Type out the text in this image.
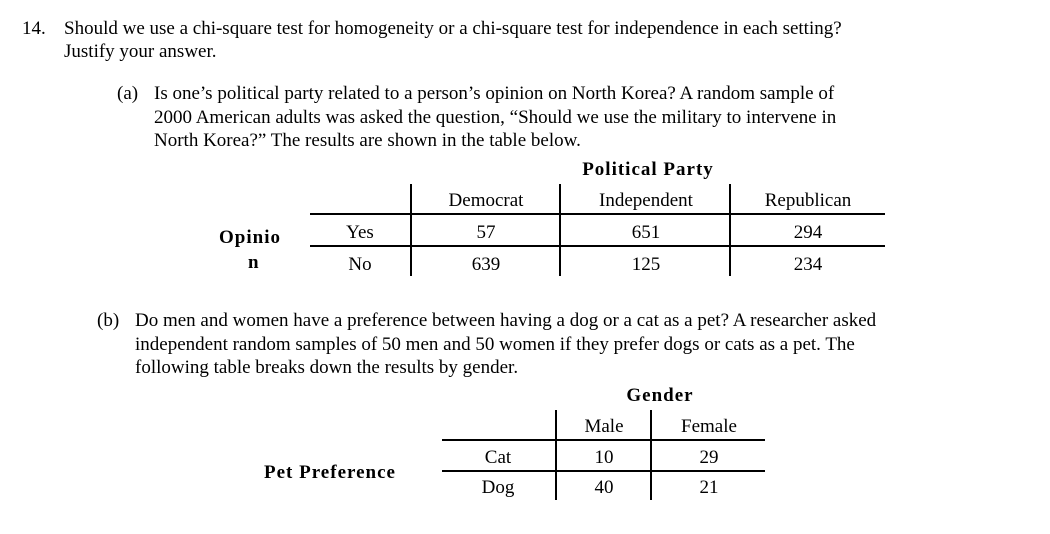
14. Should we use a chi-square test for homogeneity or a chi-square test for independence in each setting?
Justify your answer.
(a) Is one’s political party related to a person’s opinion on North Korea? A random sample of
2000 American adults was asked the question, “Should we use the military to intervene in
North Korea?” The results are shown in the table below.
Political Party
Democrat	Independent	Republican
Opinio
n
Yes	57	651	294
No	639	125	234
(b) Do men and women have a preference between having a dog or a cat as a pet? A researcher asked
independent random samples of 50 men and 50 women if they prefer dogs or cats as a pet. The
following table breaks down the results by gender.
Gender
Male	Female
Pet Preference
Cat	10	29
Dog	40	21
